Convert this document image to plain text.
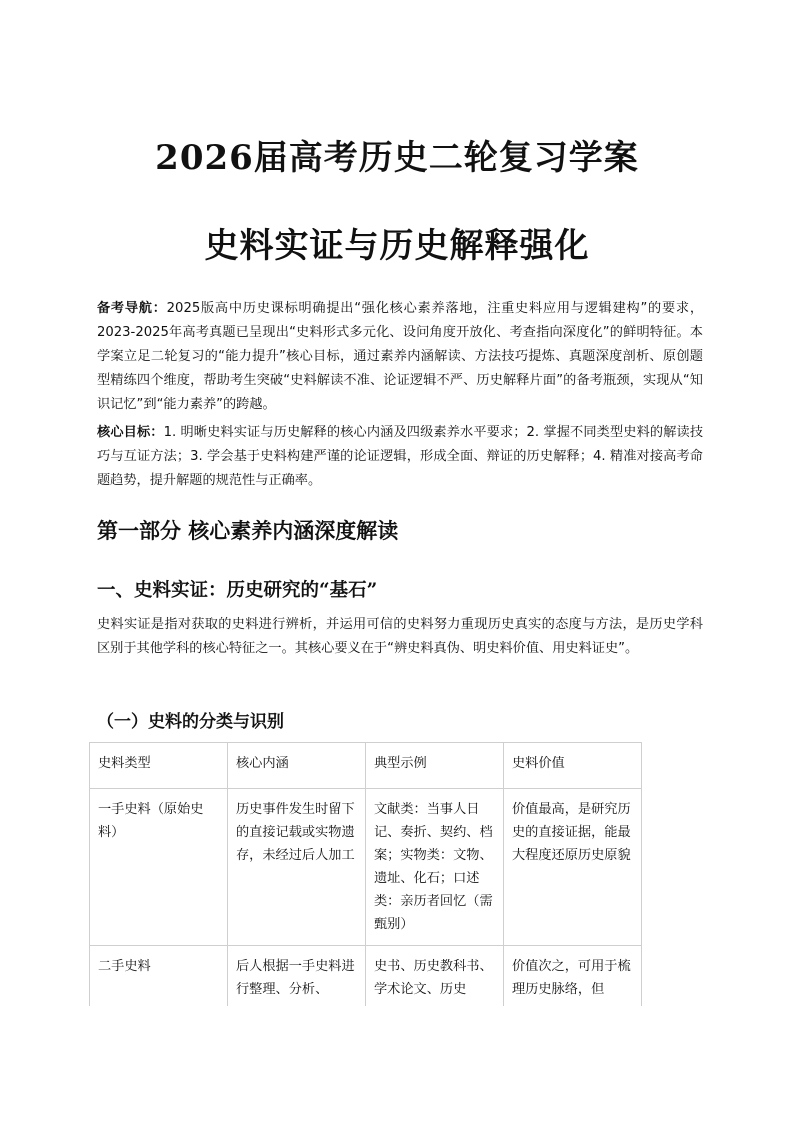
2026届高考历史二轮复习学案
史料实证与历史解释强化

备考导航：2025版高中历史课标明确提出“强化核心素养落地，注重史料应用与逻辑建构”的要求，2023-2025年高考真题已呈现出“史料形式多元化、设问角度开放化、考查指向深度化”的鲜明特征。本学案立足二轮复习的“能力提升”核心目标，通过素养内涵解读、方法技巧提炼、真题深度剖析、原创题型精练四个维度，帮助考生突破“史料解读不准、论证逻辑不严、历史解释片面”的备考瓶颈，实现从“知识记忆”到“能力素养”的跨越。

核心目标：1. 明晰史料实证与历史解释的核心内涵及四级素养水平要求；2. 掌握不同类型史料的解读技巧与互证方法；3. 学会基于史料构建严谨的论证逻辑，形成全面、辩证的历史解释；4. 精准对接高考命题趋势，提升解题的规范性与正确率。

第一部分 核心素养内涵深度解读
一、史料实证：历史研究的“基石”

史料实证是指对获取的史料进行辨析，并运用可信的史料努力重现历史真实的态度与方法，是历史学科区别于其他学科的核心特征之一。其核心要义在于“辨史料真伪、明史料价值、用史料证史”。

（一）史料的分类与识别
史料类型	核心内涵	典型示例	史料价值
一手史料（原始史料）	历史事件发生时留下的直接记载或实物遗存，未经过后人加工	文献类：当事人日记、奏折、契约、档案；实物类：文物、遗址、化石；口述类：亲历者回忆（需甄别）	价值最高，是研究历史的直接证据，能最大程度还原历史原貌
二手史料	后人根据一手史料进行整理、分析、	史书、历史教科书、学术论文、历史	价值次之，可用于梳理历史脉络，但
